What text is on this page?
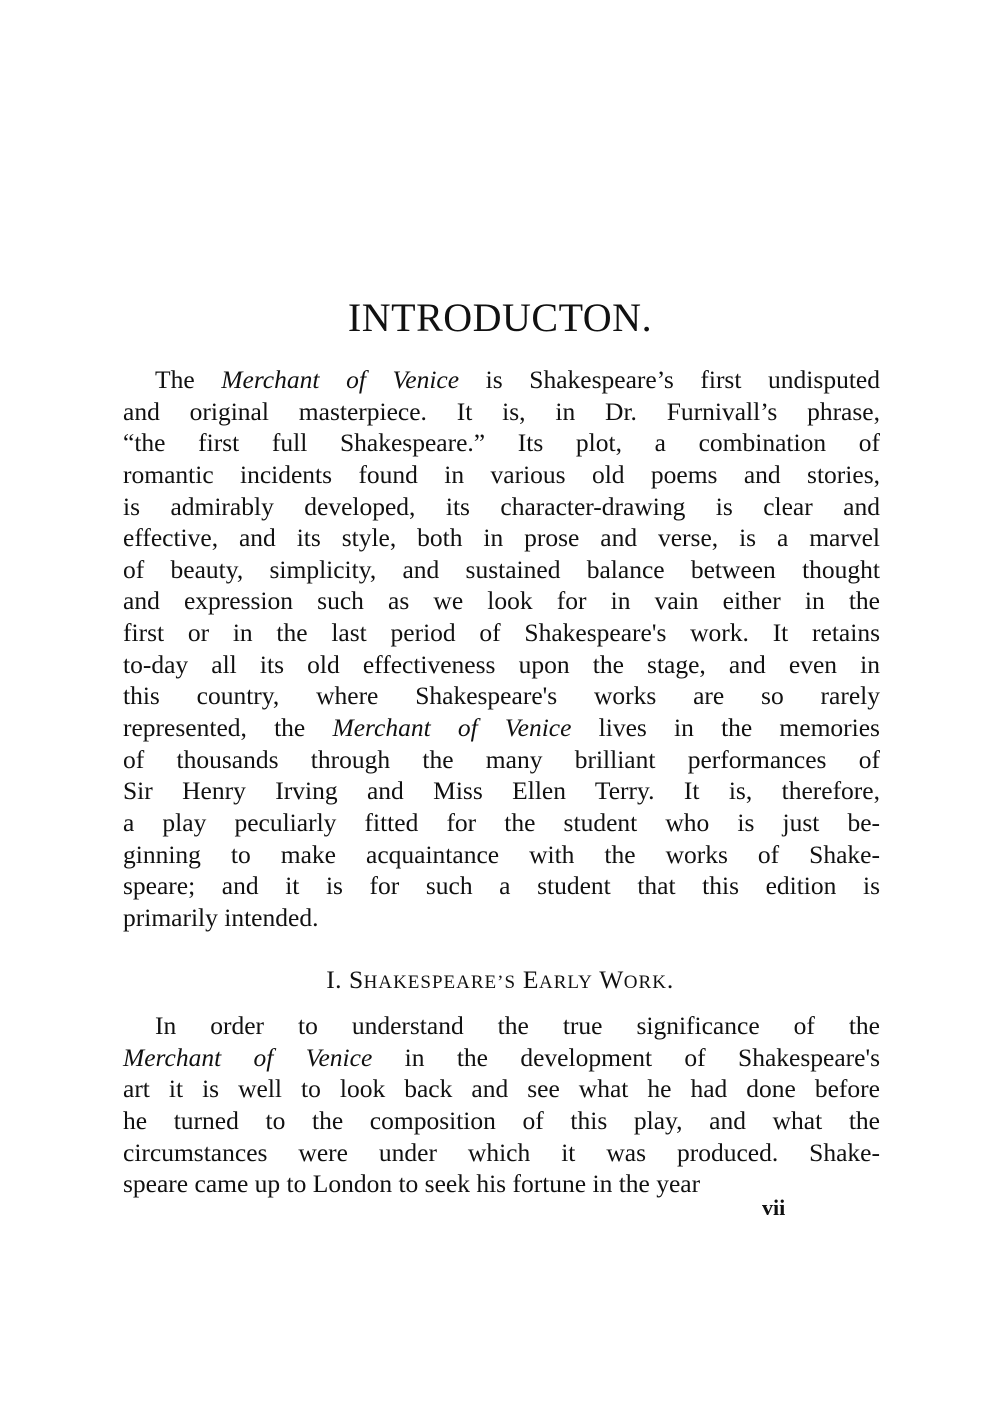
INTRODUCTON.

The Merchant of Venice is Shakespeare’s first undisputed
and original masterpiece. It is, in Dr. Furnivall’s phrase,
“the first full Shakespeare.” Its plot, a combination of
romantic incidents found in various old poems and stories,
is admirably developed, its character-drawing is clear and
effective, and its style, both in prose and verse, is a marvel
of beauty, simplicity, and sustained balance between thought
and expression such as we look for in vain either in the
first or in the last period of Shakespeare's work. It retains
to-day all its old effectiveness upon the stage, and even in
this country, where Shakespeare's works are so rarely
represented, the Merchant of Venice lives in the memories
of thousands through the many brilliant performances of
Sir Henry Irving and Miss Ellen Terry. It is, therefore,
a play peculiarly fitted for the student who is just be-
ginning to make acquaintance with the works of Shake-
speare; and it is for such a student that this edition is
primarily intended.

I. SHAKESPEARE’S EARLY WORK.

In order to understand the true significance of the
Merchant of Venice in the development of Shakespeare's
art it is well to look back and see what he had done before
he turned to the composition of this play, and what the
circumstances were under which it was produced. Shake-
speare came up to London to seek his fortune in the year

vii
